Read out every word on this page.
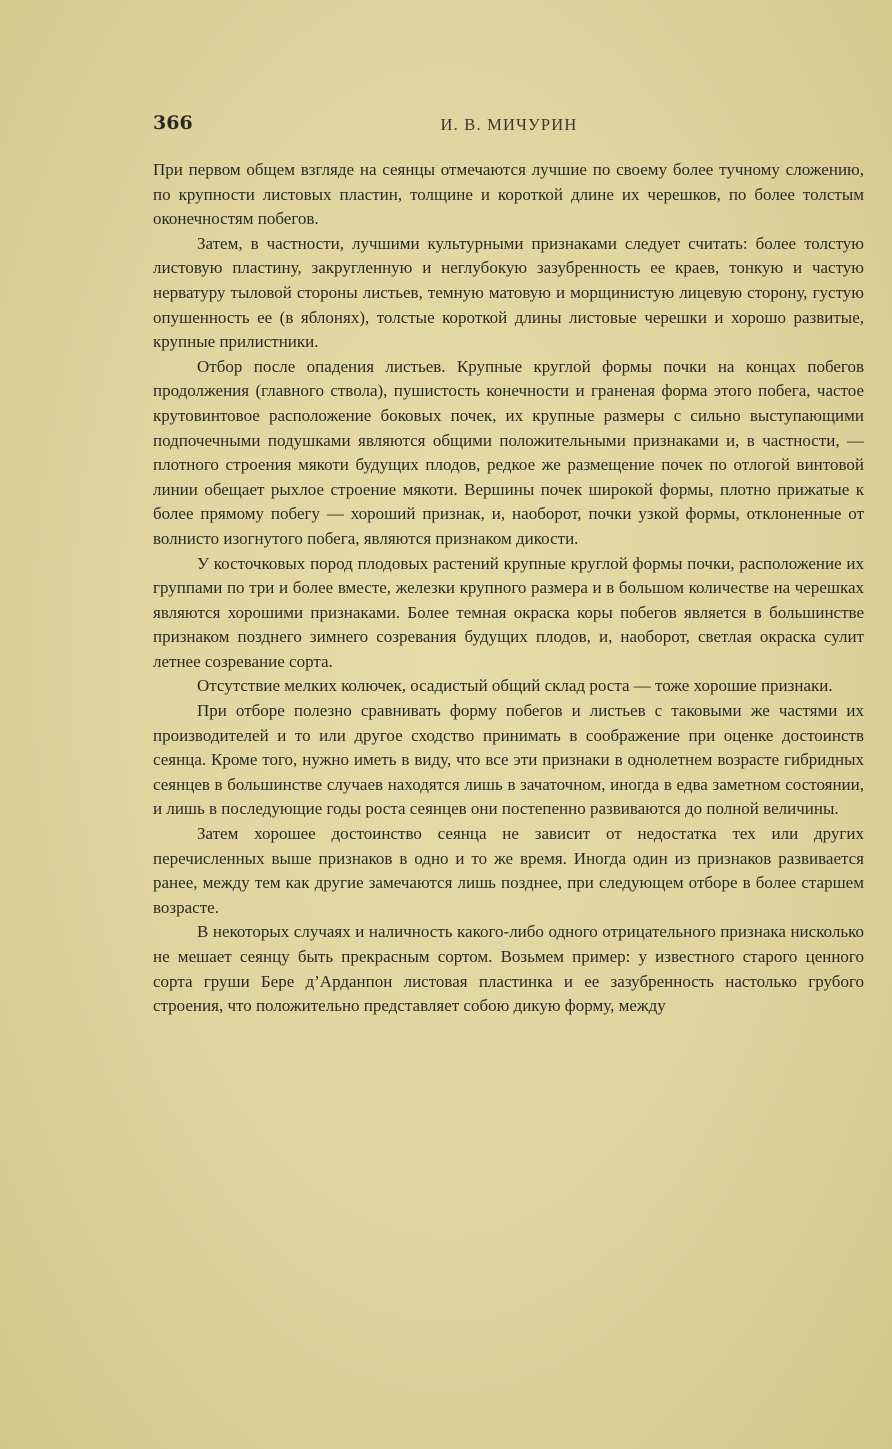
366	И. В. МИЧУРИН

При первом общем взгляде на сеянцы отмечаются лучшие по своему более тучному сложению, по крупности листовых пластин, толщине и короткой длине их черешков, по более толстым оконечностям побегов.

Затем, в частности, лучшими культурными признаками следует считать: более толстую листовую пластину, закругленную и неглубокую зазубренность ее краев, тонкую и частую нерватуру тыловой стороны листьев, темную матовую и морщинистую лицевую сторону, густую опушенность ее (в яблонях), толстые короткой длины листовые черешки и хорошо развитые, крупные прилистники.

Отбор после опадения листьев. Крупные круглой формы почки на концах побегов продолжения (главного ствола), пушистость конечности и граненая форма этого побега, частое крутовинтовое расположение боковых почек, их крупные размеры с сильно выступающими подпочечными подушками являются общими положительными признаками и, в частности, — плотного строения мякоти будущих плодов, редкое же размещение почек по отлогой винтовой линии обещает рыхлое строение мякоти. Вершины почек широкой формы, плотно прижатые к более прямому побегу — хороший признак, и, наоборот, почки узкой формы, отклоненные от волнисто изогнутого побега, являются признаком дикости.

У косточковых пород плодовых растений крупные круглой формы почки, расположение их группами по три и более вместе, железки крупного размера и в большом количестве на черешках являются хорошими признаками. Более темная окраска коры побегов является в большинстве признаком позднего зимнего созревания будущих плодов, и, наоборот, светлая окраска сулит летнее созревание сорта.

Отсутствие мелких колючек, осадистый общий склад роста — тоже хорошие признаки.

При отборе полезно сравнивать форму побегов и листьев с таковыми же частями их производителей и то или другое сходство принимать в соображение при оценке достоинств сеянца. Кроме того, нужно иметь в виду, что все эти признаки в однолетнем возрасте гибридных сеянцев в большинстве случаев находятся лишь в зачаточном, иногда в едва заметном состоянии, и лишь в последующие годы роста сеянцев они постепенно развиваются до полной величины.

Затем хорошее достоинство сеянца не зависит от недостатка тех или других перечисленных выше признаков в одно и то же время. Иногда один из признаков развивается ранее, между тем как другие замечаются лишь позднее, при следующем отборе в более старшем возрасте.

В некоторых случаях и наличность какого-либо одного отрицательного признака нисколько не мешает сеянцу быть прекрасным сортом. Возьмем пример: у известного старого ценного сорта груши Бере д’Арданпон листовая пластинка и ее зазубренность настолько грубого строения, что положительно представляет собою дикую форму, между
